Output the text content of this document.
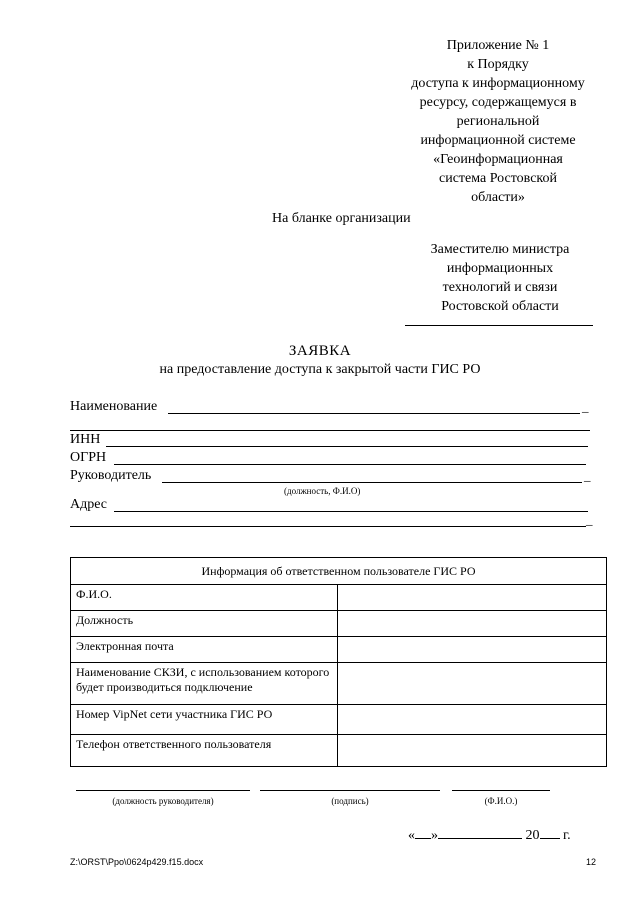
Приложение № 1
к Порядку
доступа к информационному
ресурсу, содержащемуся в
региональной
информационной системе
«Геоинформационная
система Ростовской
области»
На бланке организации
Заместителю министра
информационных
технологий и связи
Ростовской области
ЗАЯВКА
на предоставление доступа к закрытой части ГИС РО
Наименование	_
ИНН
ОГРН
Руководитель	_
(должность, Ф.И.О)
Адрес
_
Информация об ответственном пользователе ГИС РО	
Ф.И.О.	
Должность	
Электронная почта	
Наименование СКЗИ, с использованием которого будет производиться подключение	
Номер VipNet сети участника ГИС РО	
Телефон ответственного пользователя	
(должность руководителя)	(подпись)	(Ф.И.О.)
« »	20 г.
Z:\ORST\Ppo\0624p429.f15.docx	12
